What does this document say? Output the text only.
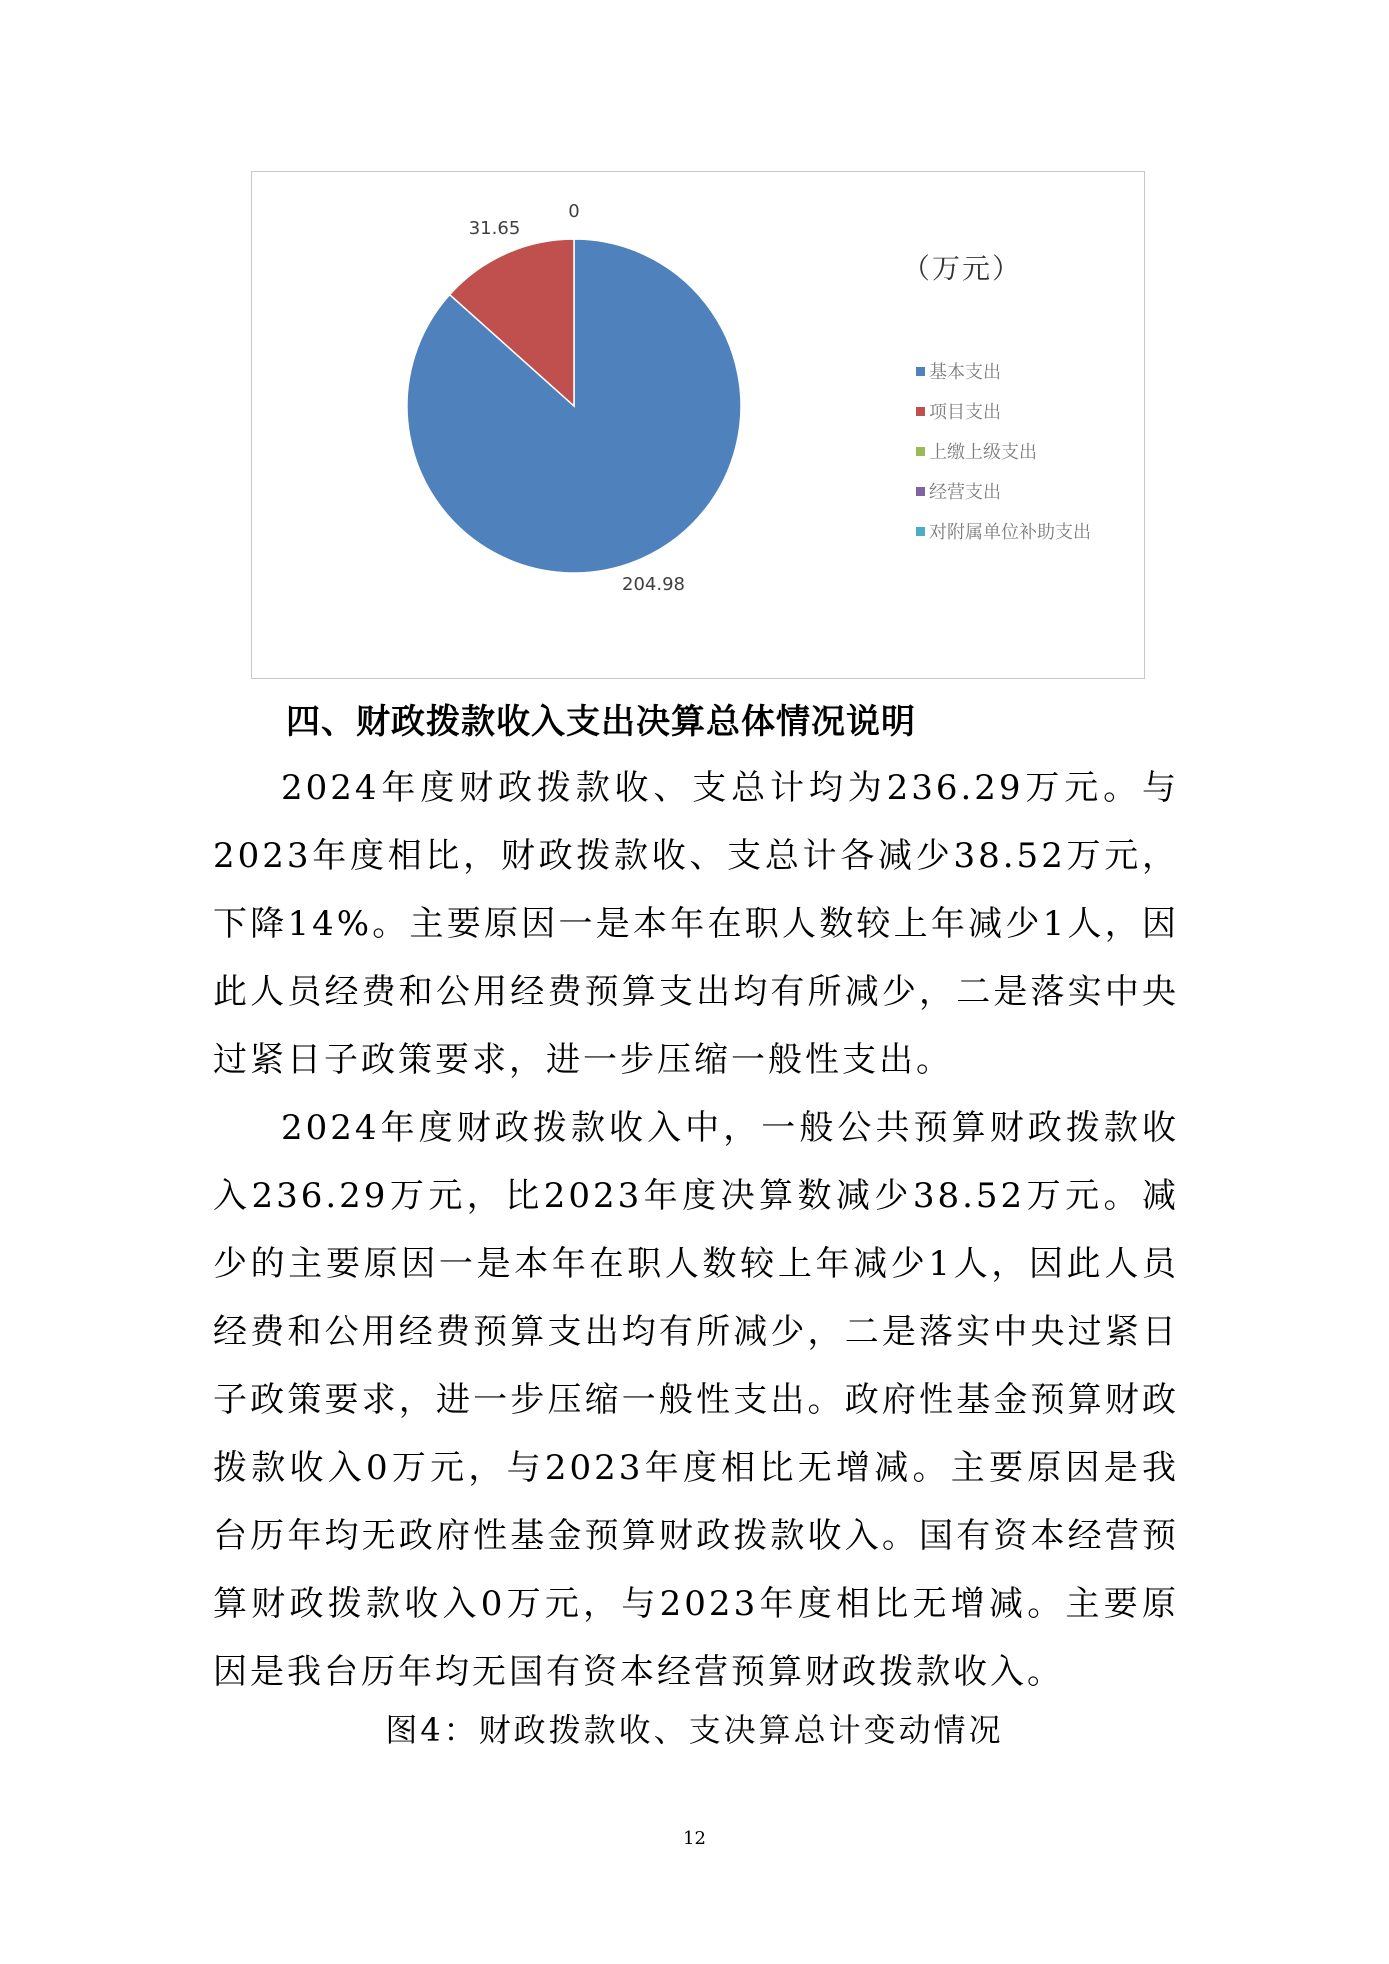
204.98
31.65
0
（万元）
基本支出
项目支出
上缴上级支出
经营支出
对附属单位补助支出
四、财政拨款收入支出决算总体情况说明

2024年度财政拨款收、支总计均为236.29万元。与2023年度相比，财政拨款收、支总计各减少38.52万元，下降14%。主要原因一是本年在职人数较上年减少1人，因此人员经费和公用经费预算支出均有所减少，二是落实中央过紧日子政策要求，进一步压缩一般性支出。

2024年度财政拨款收入中，一般公共预算财政拨款收入236.29万元，比2023年度决算数减少38.52万元。减少的主要原因一是本年在职人数较上年减少1人，因此人员经费和公用经费预算支出均有所减少，二是落实中央过紧日子政策要求，进一步压缩一般性支出。政府性基金预算财政拨款收入0万元，与2023年度相比无增减。主要原因是我台历年均无政府性基金预算财政拨款收入。国有资本经营预算财政拨款收入0万元，与2023年度相比无增减。主要原因是我台历年均无国有资本经营预算财政拨款收入。

图4：财政拨款收、支决算总计变动情况
12
